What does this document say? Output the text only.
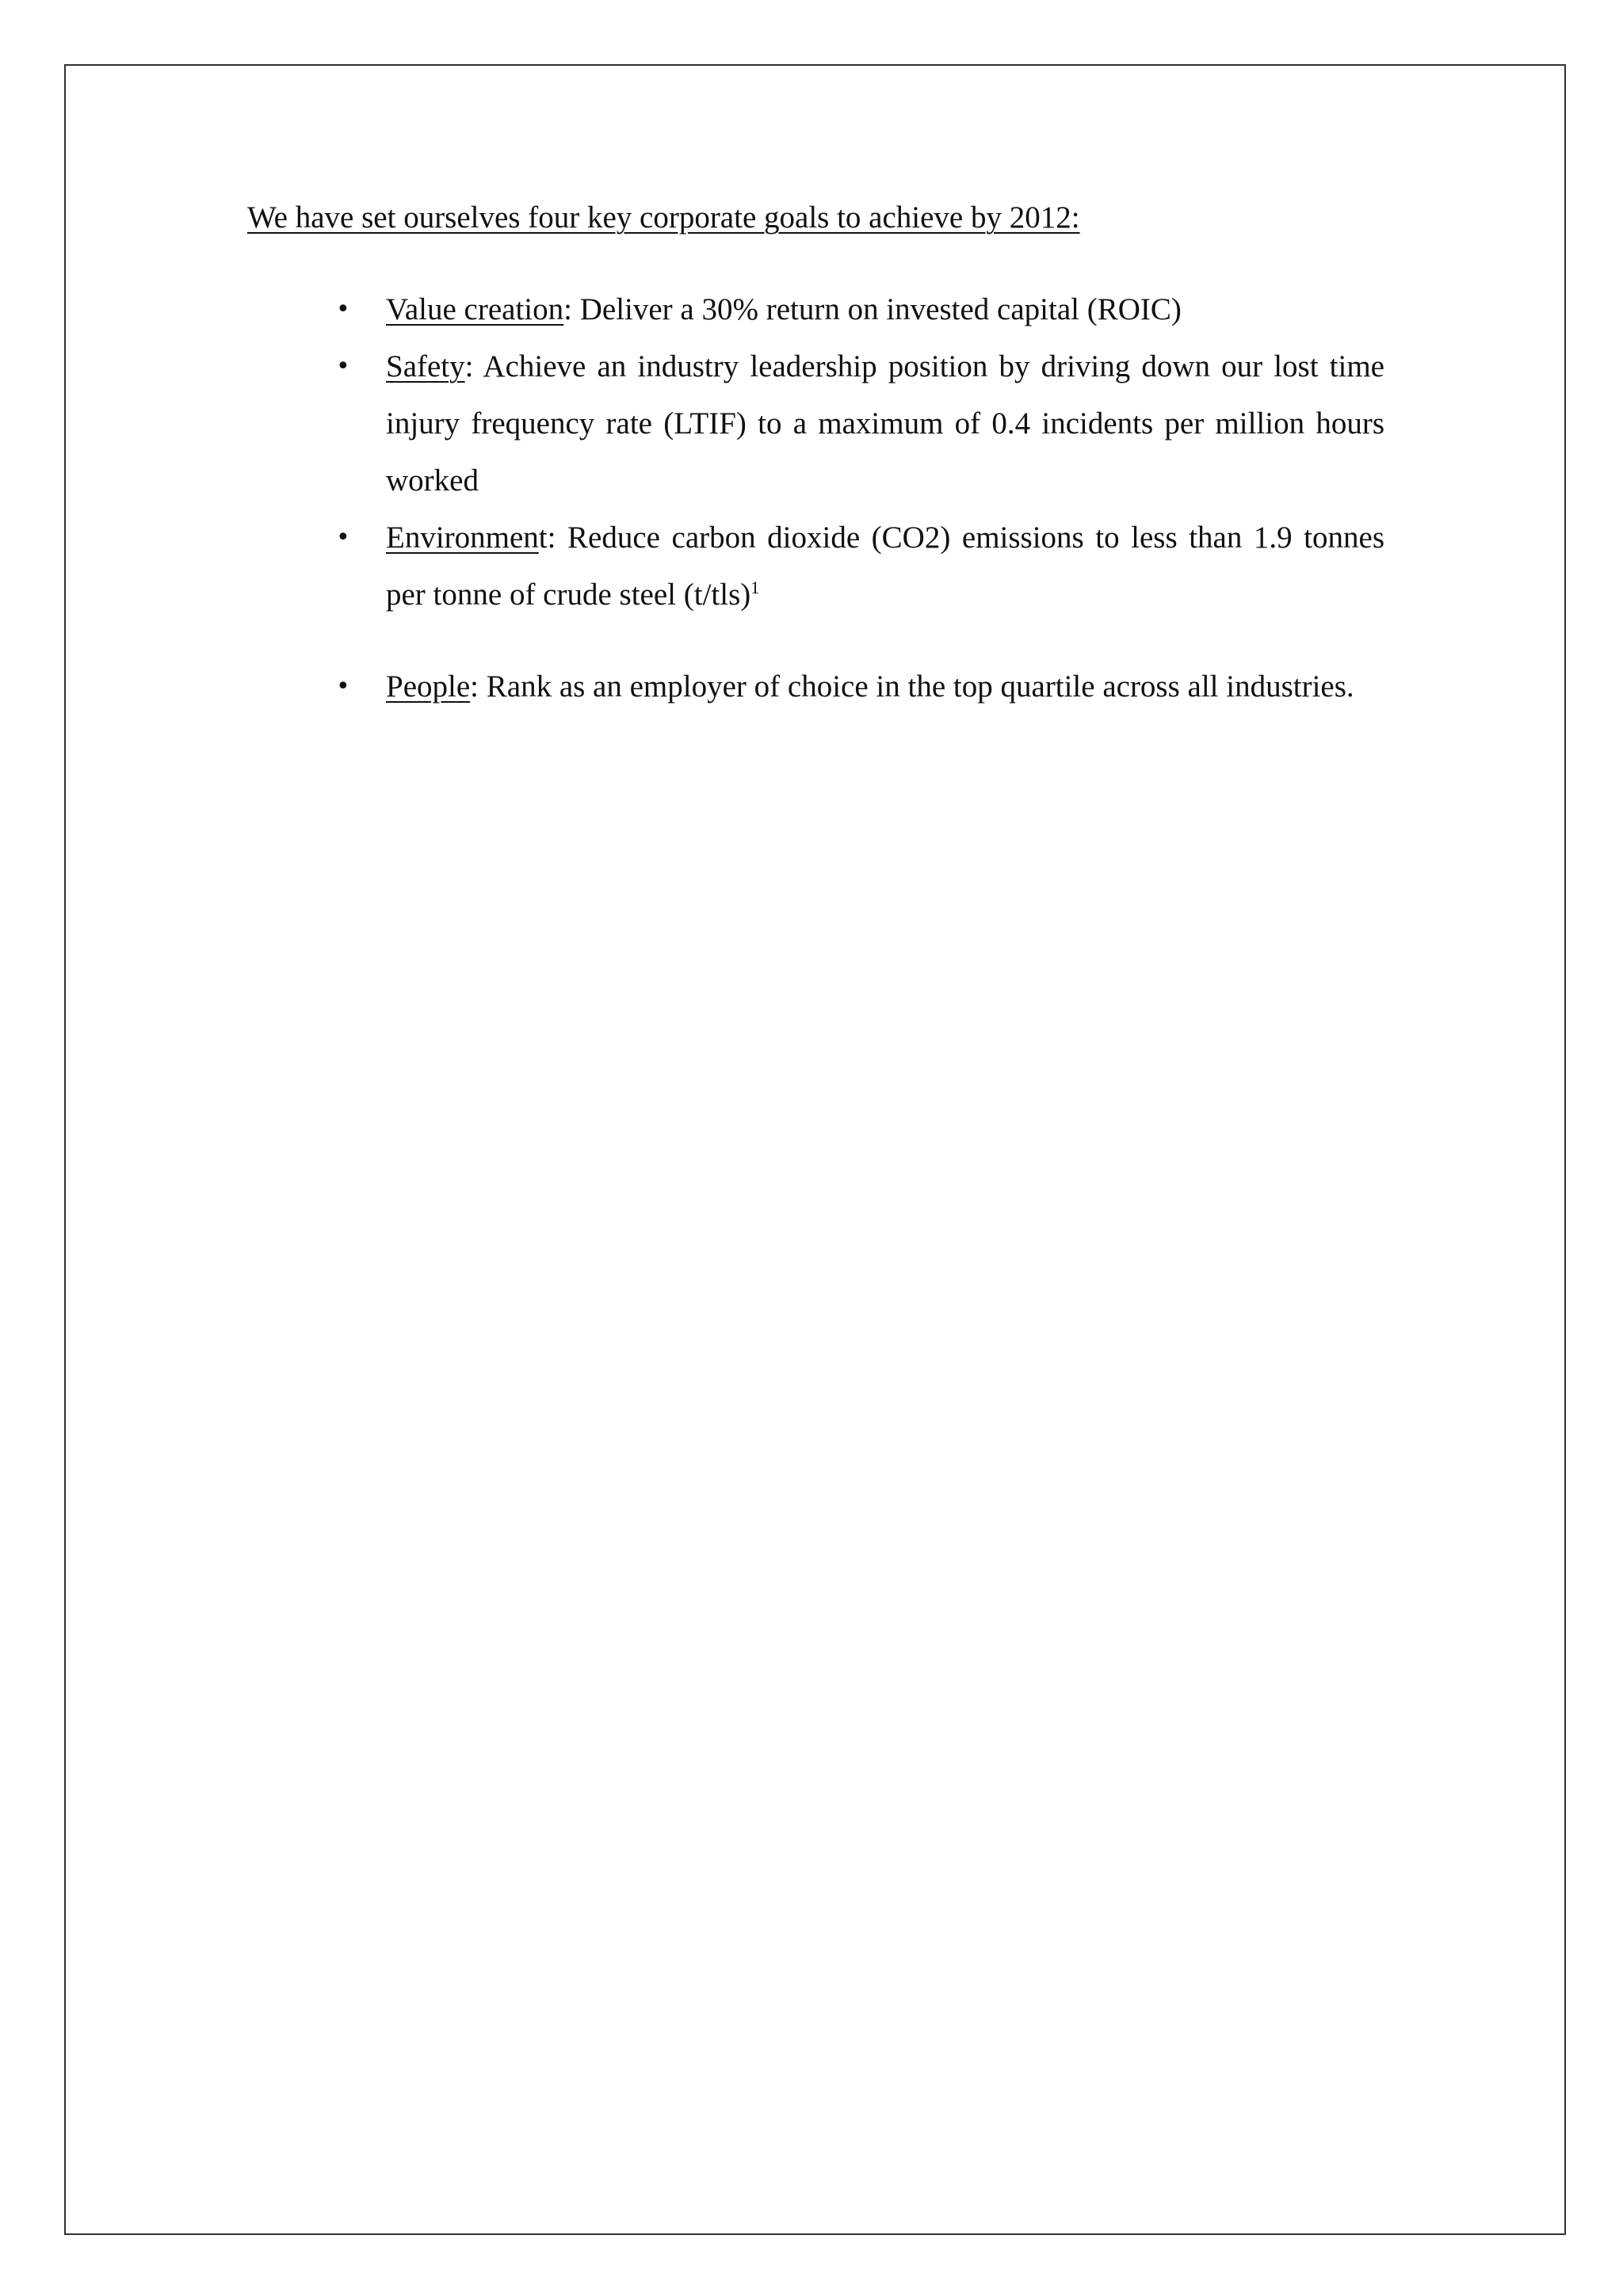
We have set ourselves four key corporate goals to achieve by 2012:

• Value creation: Deliver a 30% return on invested capital (ROIC)
• Safety: Achieve an industry leadership position by driving down our lost time injury frequency rate (LTIF) to a maximum of 0.4 incidents per million hours worked
• Environment: Reduce carbon dioxide (CO2) emissions to less than 1.9 tonnes per tonne of crude steel (t/tls)$^1$
• People: Rank as an employer of choice in the top quartile across all industries.
